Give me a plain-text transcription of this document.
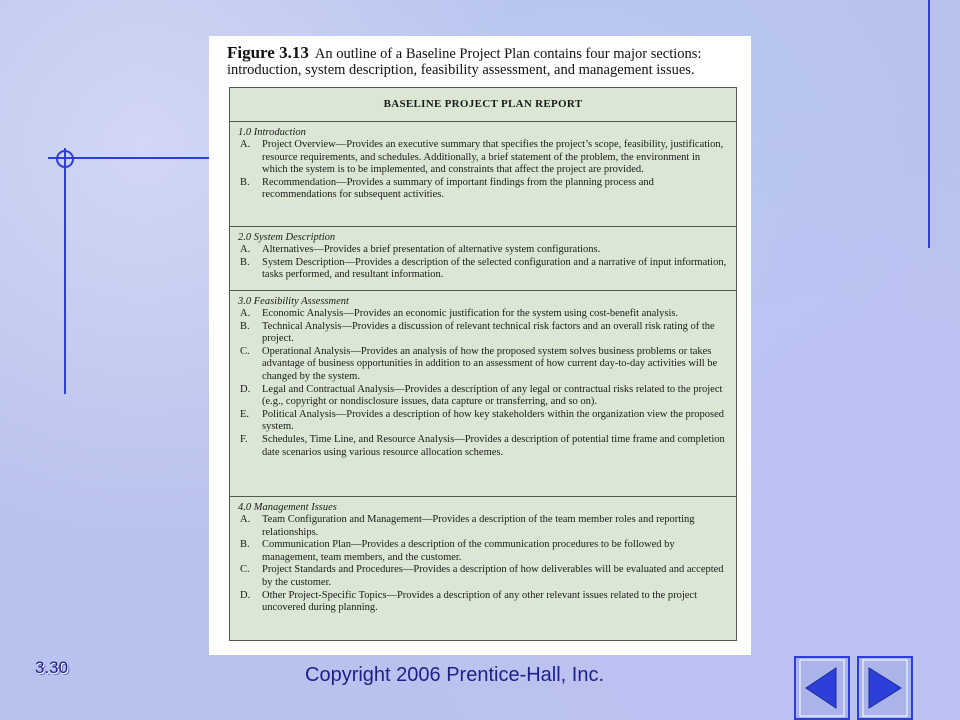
Figure 3.13 An outline of a Baseline Project Plan contains four major sections: introduction, system description, feasibility assessment, and management issues.
BASELINE PROJECT PLAN REPORT
1.0 Introduction
A.	Project Overview—Provides an executive summary that specifies the project’s scope, feasibility, justification, resource requirements, and schedules. Additionally, a brief statement of the problem, the environment in which the system is to be implemented, and constraints that affect the project are provided.
B.	Recommendation—Provides a summary of important findings from the planning process and recommendations for subsequent activities.
2.0 System Description
A.	Alternatives—Provides a brief presentation of alternative system configurations.
B.	System Description—Provides a description of the selected configuration and a narrative of input information, tasks performed, and resultant information.
3.0 Feasibility Assessment
A.	Economic Analysis—Provides an economic justification for the system using cost-benefit analysis.
B.	Technical Analysis—Provides a discussion of relevant technical risk factors and an overall risk rating of the project.
C.	Operational Analysis—Provides an analysis of how the proposed system solves business problems or takes advantage of business opportunities in addition to an assessment of how current day-to-day activities will be changed by the system.
D.	Legal and Contractual Analysis—Provides a description of any legal or contractual risks related to the project (e.g., copyright or nondisclosure issues, data capture or transferring, and so on).
E.	Political Analysis—Provides a description of how key stakeholders within the organization view the proposed system.
F.	Schedules, Time Line, and Resource Analysis—Provides a description of potential time frame and completion date scenarios using various resource allocation schemes.
4.0 Management Issues
A.	Team Configuration and Management—Provides a description of the team member roles and reporting relationships.
B.	Communication Plan—Provides a description of the communication procedures to be followed by management, team members, and the customer.
C.	Project Standards and Procedures—Provides a description of how deliverables will be evaluated and accepted by the customer.
D.	Other Project-Specific Topics—Provides a description of any other relevant issues related to the project uncovered during planning.
3.30	Copyright 2006 Prentice-Hall, Inc.
